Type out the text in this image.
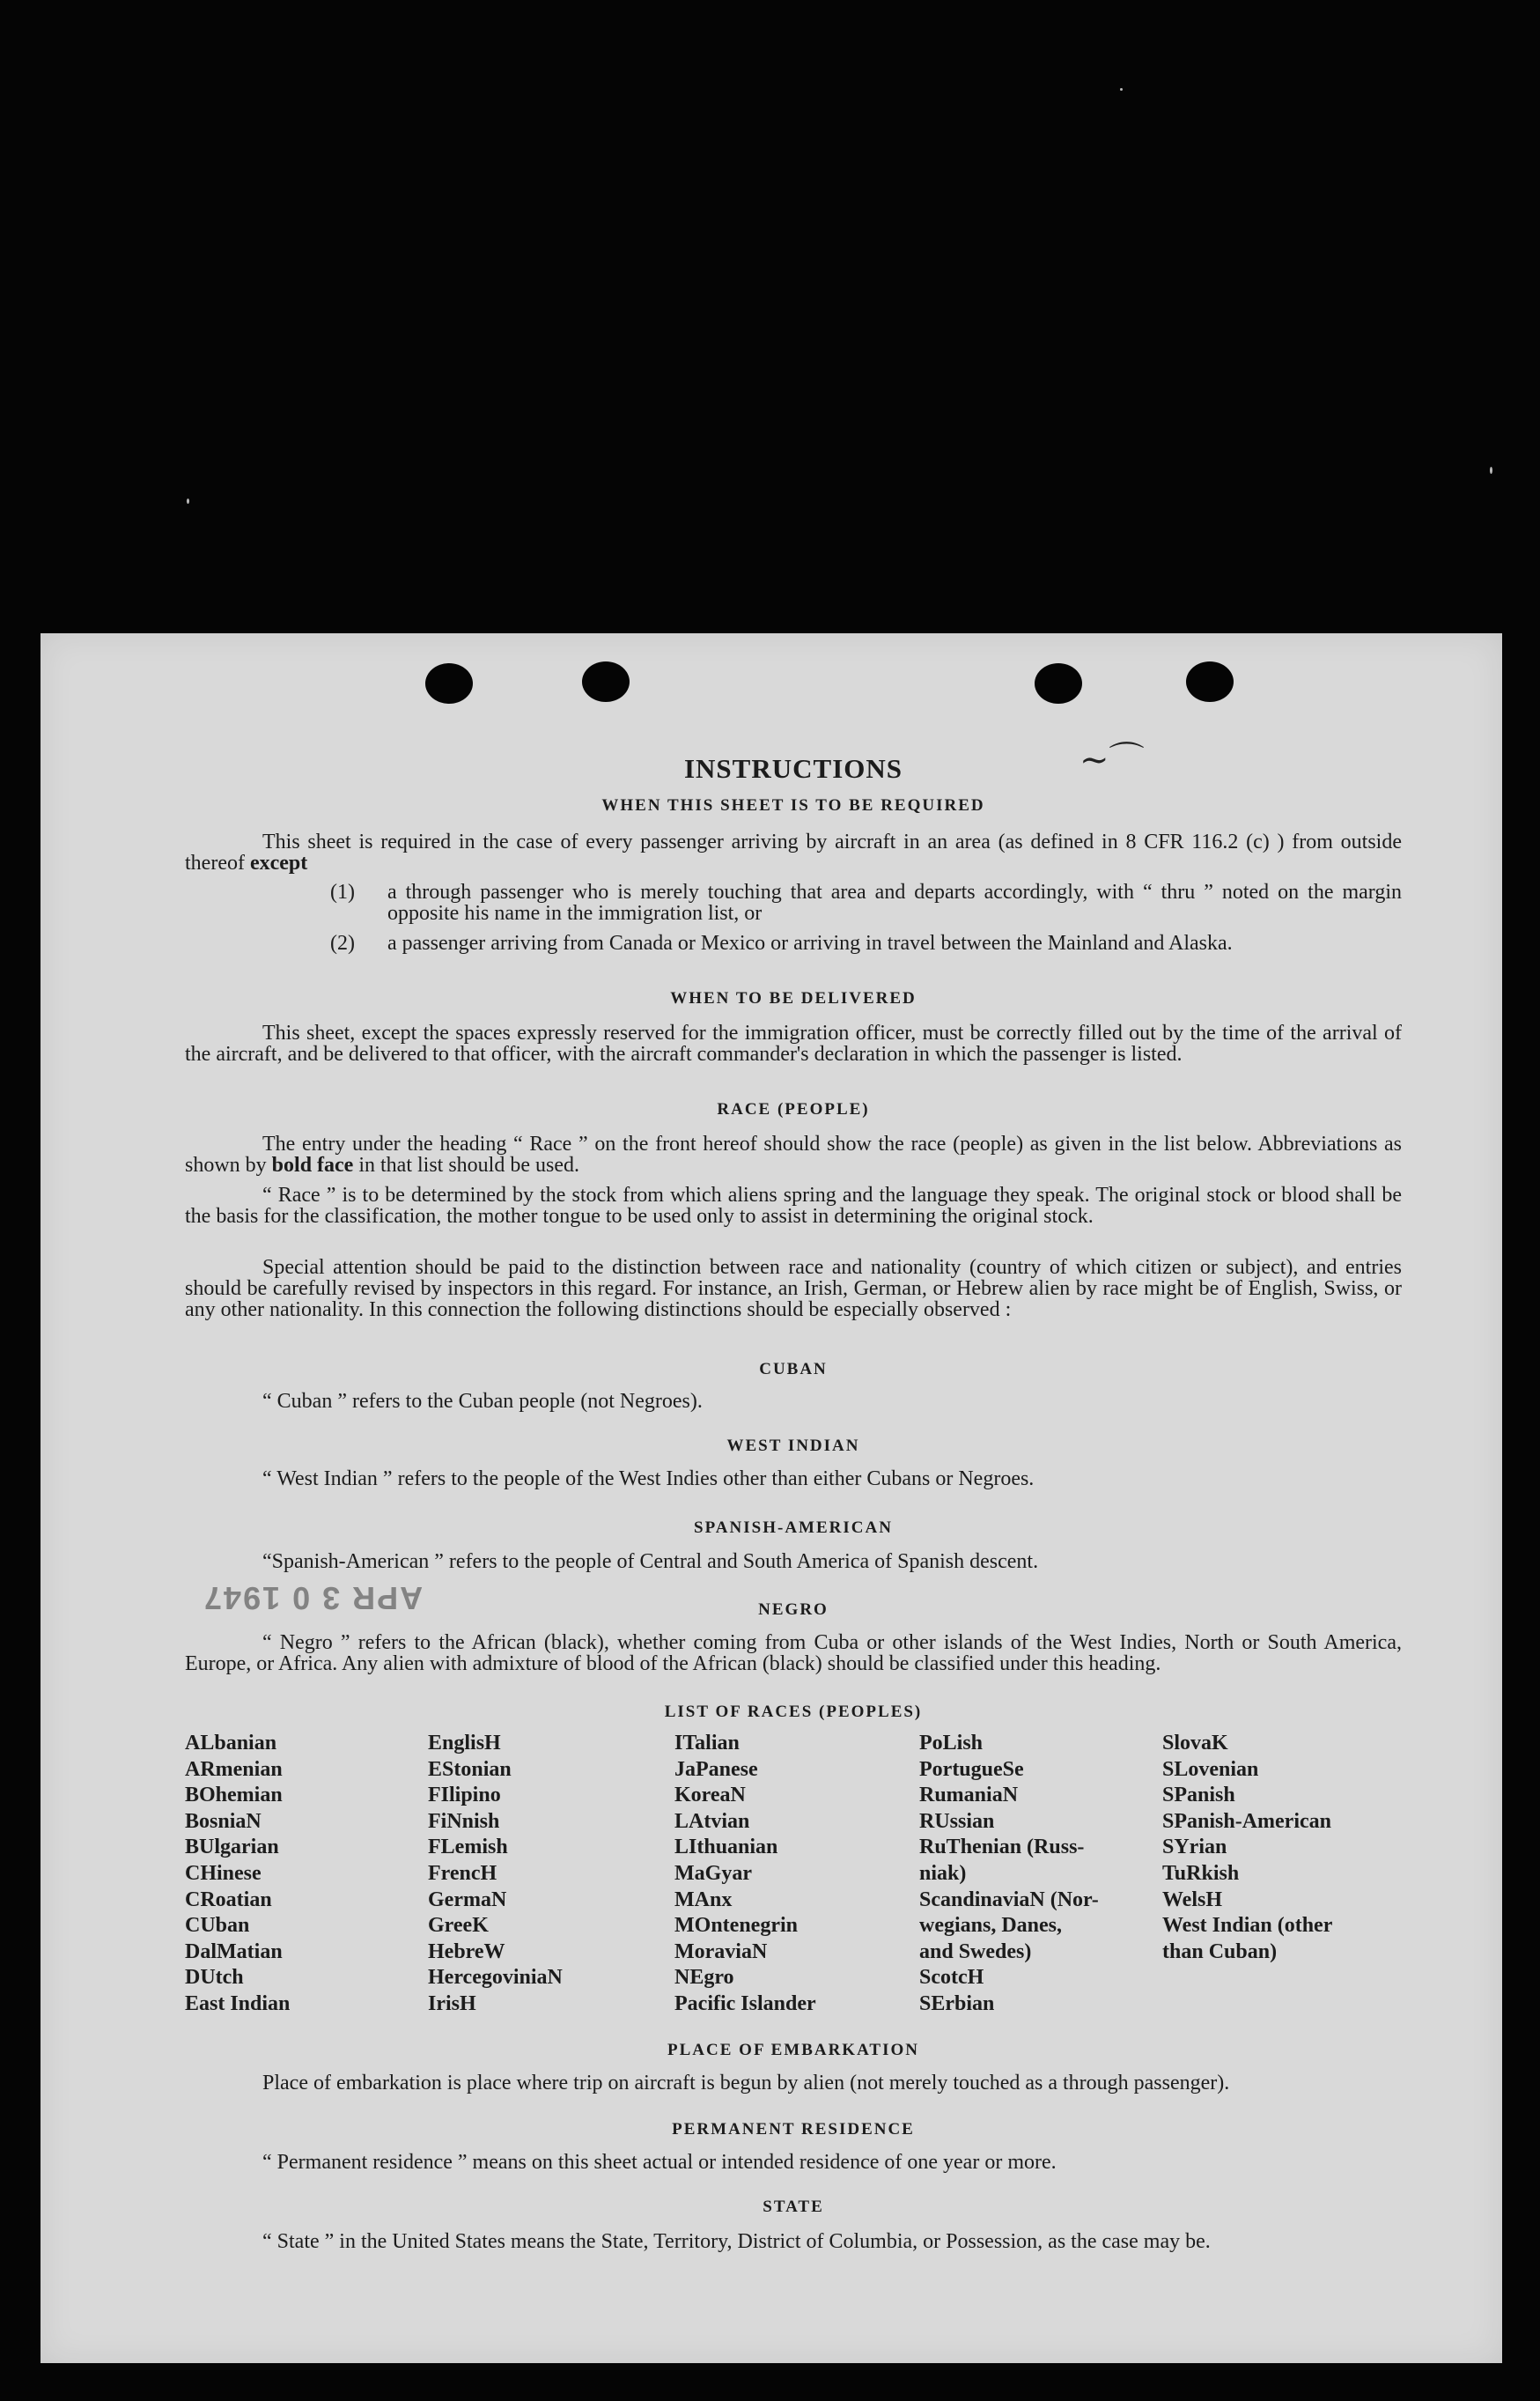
∼⌒
APR 3 0 1947
INSTRUCTIONS
WHEN THIS SHEET IS TO BE REQUIRED
This sheet is required in the case of every passenger arriving by aircraft in an area (as defined in 8 CFR 116.2 (c) ) from outside thereof except
(1) a through passenger who is merely touching that area and departs accordingly, with “ thru ” noted on the margin opposite his name in the immigration list, or
(2) a passenger arriving from Canada or Mexico or arriving in travel between the Mainland and Alaska.
WHEN TO BE DELIVERED
This sheet, except the spaces expressly reserved for the immigration officer, must be correctly filled out by the time of the arrival of the aircraft, and be delivered to that officer, with the aircraft commander's declaration in which the passenger is listed.
RACE (PEOPLE)
The entry under the heading “ Race ” on the front hereof should show the race (people) as given in the list below. Abbreviations as shown by bold face in that list should be used.
“ Race ” is to be determined by the stock from which aliens spring and the language they speak. The original stock or blood shall be the basis for the classification, the mother tongue to be used only to assist in determining the original stock.
Special attention should be paid to the distinction between race and nationality (country of which citizen or subject), and entries should be carefully revised by inspectors in this regard. For instance, an Irish, German, or Hebrew alien by race might be of English, Swiss, or any other nationality. In this connection the following distinctions should be especially observed :
CUBAN
“ Cuban ” refers to the Cuban people (not Negroes).
WEST INDIAN
“ West Indian ” refers to the people of the West Indies other than either Cubans or Negroes.
SPANISH-AMERICAN
“Spanish-American ” refers to the people of Central and South America of Spanish descent.
NEGRO
“ Negro ” refers to the African (black), whether coming from Cuba or other islands of the West Indies, North or South America, Europe, or Africa. Any alien with admixture of blood of the African (black) should be classified under this heading.
LIST OF RACES (PEOPLES)
ALbanian
ARmenian
BOhemian
BosniaN
BUlgarian
CHinese
CRoatian
CUban
DalMatian
DUtch
East Indian
EnglisH
EStonian
FIlipino
FiNnish
FLemish
FrencH
GermaN
GreeK
HebreW
HercegoviniaN
IrisH
ITalian
JaPanese
KoreaN
LAtvian
LIthuanian
MaGyar
MAnx
MOntenegrin
MoraviaN
NEgro
Pacific Islander
PoLish
PortugueSe
RumaniaN
RUssian
RuThenian (Russ-
niak)
ScandinaviaN (Nor-
wegians, Danes,
and Swedes)
ScotcH
SErbian
SlovaK
SLovenian
SPanish
SPanish-American
SYrian
TuRkish
WelsH
West Indian (other
than Cuban)
PLACE OF EMBARKATION
Place of embarkation is place where trip on aircraft is begun by alien (not merely touched as a through passenger).
PERMANENT RESIDENCE
“ Permanent residence ” means on this sheet actual or intended residence of one year or more.
STATE
“ State ” in the United States means the State, Territory, District of Columbia, or Possession, as the case may be.
